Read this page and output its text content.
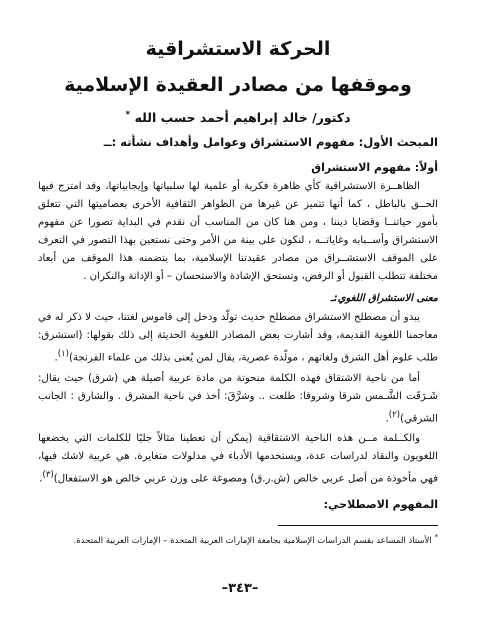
الحركة الاستشراقية
وموقفها من مصادر العقيدة الإسلامية

دكتور/ خالد إبراهيم أحمد حسب الله *

المبحث الأول: مفهوم الاستشراق وعوامل وأهداف نشأته :ــ

أولاً: مفهوم الاستشراق

الظاهــرة الاستشراقية كأي ظاهرة فكرية أو علمية لها سلبياتها وإيجابياتها، وقد امتزج فيها الحــق بالباطل ، كما أنها تتميز عن غيرها من الظواهر الثقافية الأخرى بعصاميتها التي تتعلق بأمور حياتنــا وقضايا ديننا ، ومن هنا كان من المناسب أن نقدم في البداية تصورا عن مفهوم الاستشراق وأســبابه وغاياتــه ، لنكون على بينة من الأمر وحتى نستعين بهذا التصور في التعرف على الموقف الاستشــراق من مصادر عقيدتنا الإسلامية، بما يتضمنه هذا الموقف من أبعاد مختلفة تتطلب القبول أو الرفض، وتستحق الإشادة والاستحسان – أو الإدانة والنكران .

معنى الاستشراق اللغوي:ـ

يبدو أن مصطلح الاستشراق مصطلح حديث تولّد ودخل إلى قاموس لغتنا، حيث لا ذكر له في معاجمنا اللغوية القديمة، وقد أشارت بعض المصادر اللغوية الحديثة إلى ذلك بقولها: (استشرق: طلب علوم أهل الشرق ولغاتهم ، مولّدة عصرية، يقال لمن يُعنى بذلك من علماء الفرنجة)$^{(١)}$.

أما من ناحية الاشتقاق فهذه الكلمة منحوتة من مادة عربية أصيلة هي (شرق) حيث يقال: شَـرَقَت الشَّـمس شرقا وشروقا: طلعت .. وشرَّقَ: أخذ في ناحية المشرق . والشارق : الجانب الشرقي)$^{(٢)}$.

والكــلمة مــن هذه الناحية الاشتقاقية (يمكن أن تعطينا مثالاً جليًا للكلمات التي يخضعها اللغويون والنقاد لدراسات عدة، ويستخدمها الأدباء في مدلولات متغايرة. هي عربية لاشك فيها، فهي مأخوذة من أصل عربي خالص (ش.ر.ق) ومصوغة على وزن عربي خالص هو الاستفعال)$^{(٣)}$.

المفهوم الاصطلاحي:

* الأستاذ المساعد بقسم الدراسات الإسلامية بجامعة الإمارات العربية المتحدة – الإمارات العربية المتحدة.

–٣٤٣–
